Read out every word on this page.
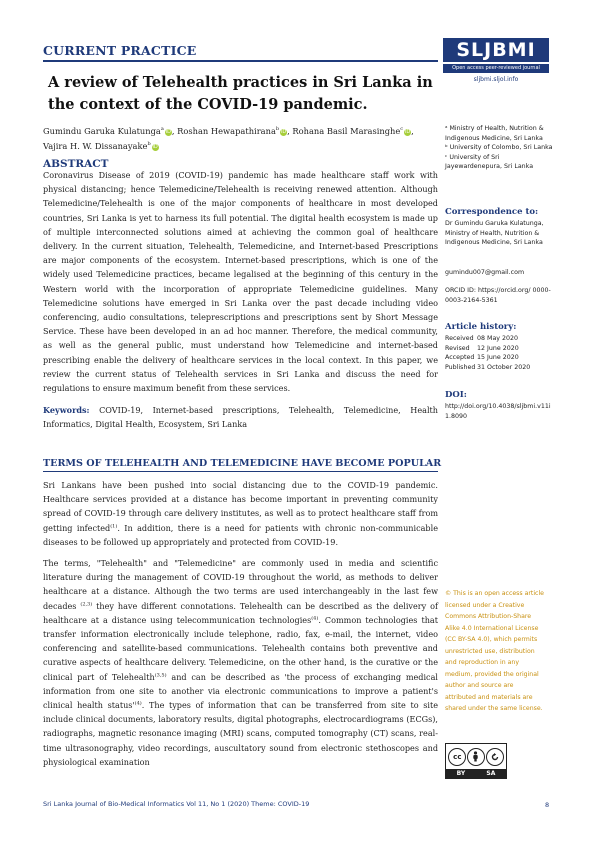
CURRENT PRACTICE	SLJBMI
Open access peer-reviewed journal
sljbmi.sljol.info
A review of Telehealth practices in Sri Lanka in the context of the COVID-19 pandemic.
Gumindu Garuka Kulatunga$^a$ iD, Roshan Hewapathirana$^b$ iD, Rohana Basil Marasinghe$^c$ iD, Vajira H. W. Dissanayake$^b$ iD
ABSTRACT
Coronavirus Disease of 2019 (COVID-19) pandemic has made healthcare staff work with physical distancing; hence Telemedicine/Telehealth is receiving renewed attention. Although Telemedicine/Telehealth is one of the major components of healthcare in most developed countries, Sri Lanka is yet to harness its full potential. The digital health ecosystem is made up of multiple interconnected solutions aimed at achieving the common goal of healthcare delivery. In the current situation, Telehealth, Telemedicine, and Internet-based Prescriptions are major components of the ecosystem. Internet-based prescriptions, which is one of the widely used Telemedicine practices, became legalised at the beginning of this century in the Western world with the incorporation of appropriate Telemedicine guidelines. Many Telemedicine solutions have emerged in Sri Lanka over the past decade including video conferencing, audio consultations, teleprescriptions and prescriptions sent by Short Message Service. These have been developed in an ad hoc manner. Therefore, the medical community, as well as the general public, must understand how Telemedicine and internet-based prescribing enable the delivery of healthcare services in the local context. In this paper, we review the current status of Telehealth services in Sri Lanka and discuss the need for regulations to ensure maximum benefit from these services.
Keywords: COVID-19, Internet-based prescriptions, Telehealth, Telemedicine, Health Informatics, Digital Health, Ecosystem, Sri Lanka
TERMS OF TELEHEALTH AND TELEMEDICINE HAVE BECOME POPULAR

Sri Lankans have been pushed into social distancing due to the COVID-19 pandemic. Healthcare services provided at a distance has become important in preventing community spread of COVID-19 through care delivery institutes, as well as to protect healthcare staff from getting infected$^{(1)}$. In addition, there is a need for patients with chronic non-communicable diseases to be followed up appropriately and protected from COVID-19.

The terms, "Telehealth" and "Telemedicine" are commonly used in media and scientific literature during the management of COVID-19 throughout the world, as methods to deliver healthcare at a distance. Although the two terms are used interchangeably in the last few decades $^{(2,3)}$ they have different connotations. Telehealth can be described as the delivery of healthcare at a distance using telecommunication technologies$^{(4)}$. Common technologies that transfer information electronically include telephone, radio, fax, e-mail, the internet, video conferencing and satellite-based communications. Telehealth contains both preventive and curative aspects of healthcare delivery. Telemedicine, on the other hand, is the curative or the clinical part of Telehealth$^{(3,5)}$ and can be described as 'the process of exchanging medical information from one site to another via electronic communications to improve a patient's clinical health $status'^{(4)}$. The types of information that can be transferred from site to site include clinical documents, laboratory results, digital photographs, electrocardiograms (ECGs), radiographs, magnetic resonance imaging (MRI) scans, computed tomography (CT) scans, real-time ultrasonography, video recordings, auscultatory sound from electronic stethoscopes and physiological examination

ᵃ Ministry of Health, Nutrition & Indigenous Medicine, Sri Lanka
ᵇ University of Colombo, Sri Lanka
ᶜ University of Sri Jayewardenepura, Sri Lanka
Correspondence to:
Dr Gumindu Garuka Kulatunga, Ministry of Health, Nutrition & Indigenous Medicine, Sri Lanka
gumindu007@gmail.com
ORCID ID: https://orcid.org/ 0000-0003-2164-5361
Article history:
Received 08 May 2020
Revised 12 June 2020
Accepted 15 June 2020
Published 31 October 2020
DOI:
http://doi.org/10.4038/sljbmi.v11i1.8090
© This is an open access article licensed under a Creative Commons Attribution-Share Alike 4.0 International License (CC BY-SA 4.0), which permits unrestricted use, distribution and reproduction in any medium, provided the original author and source are attributed and materials are shared under the same license.
cc
BY	SA
Sri Lanka Journal of Bio-Medical Informatics Vol 11, No 1 (2020) Theme: COVID-19	8
